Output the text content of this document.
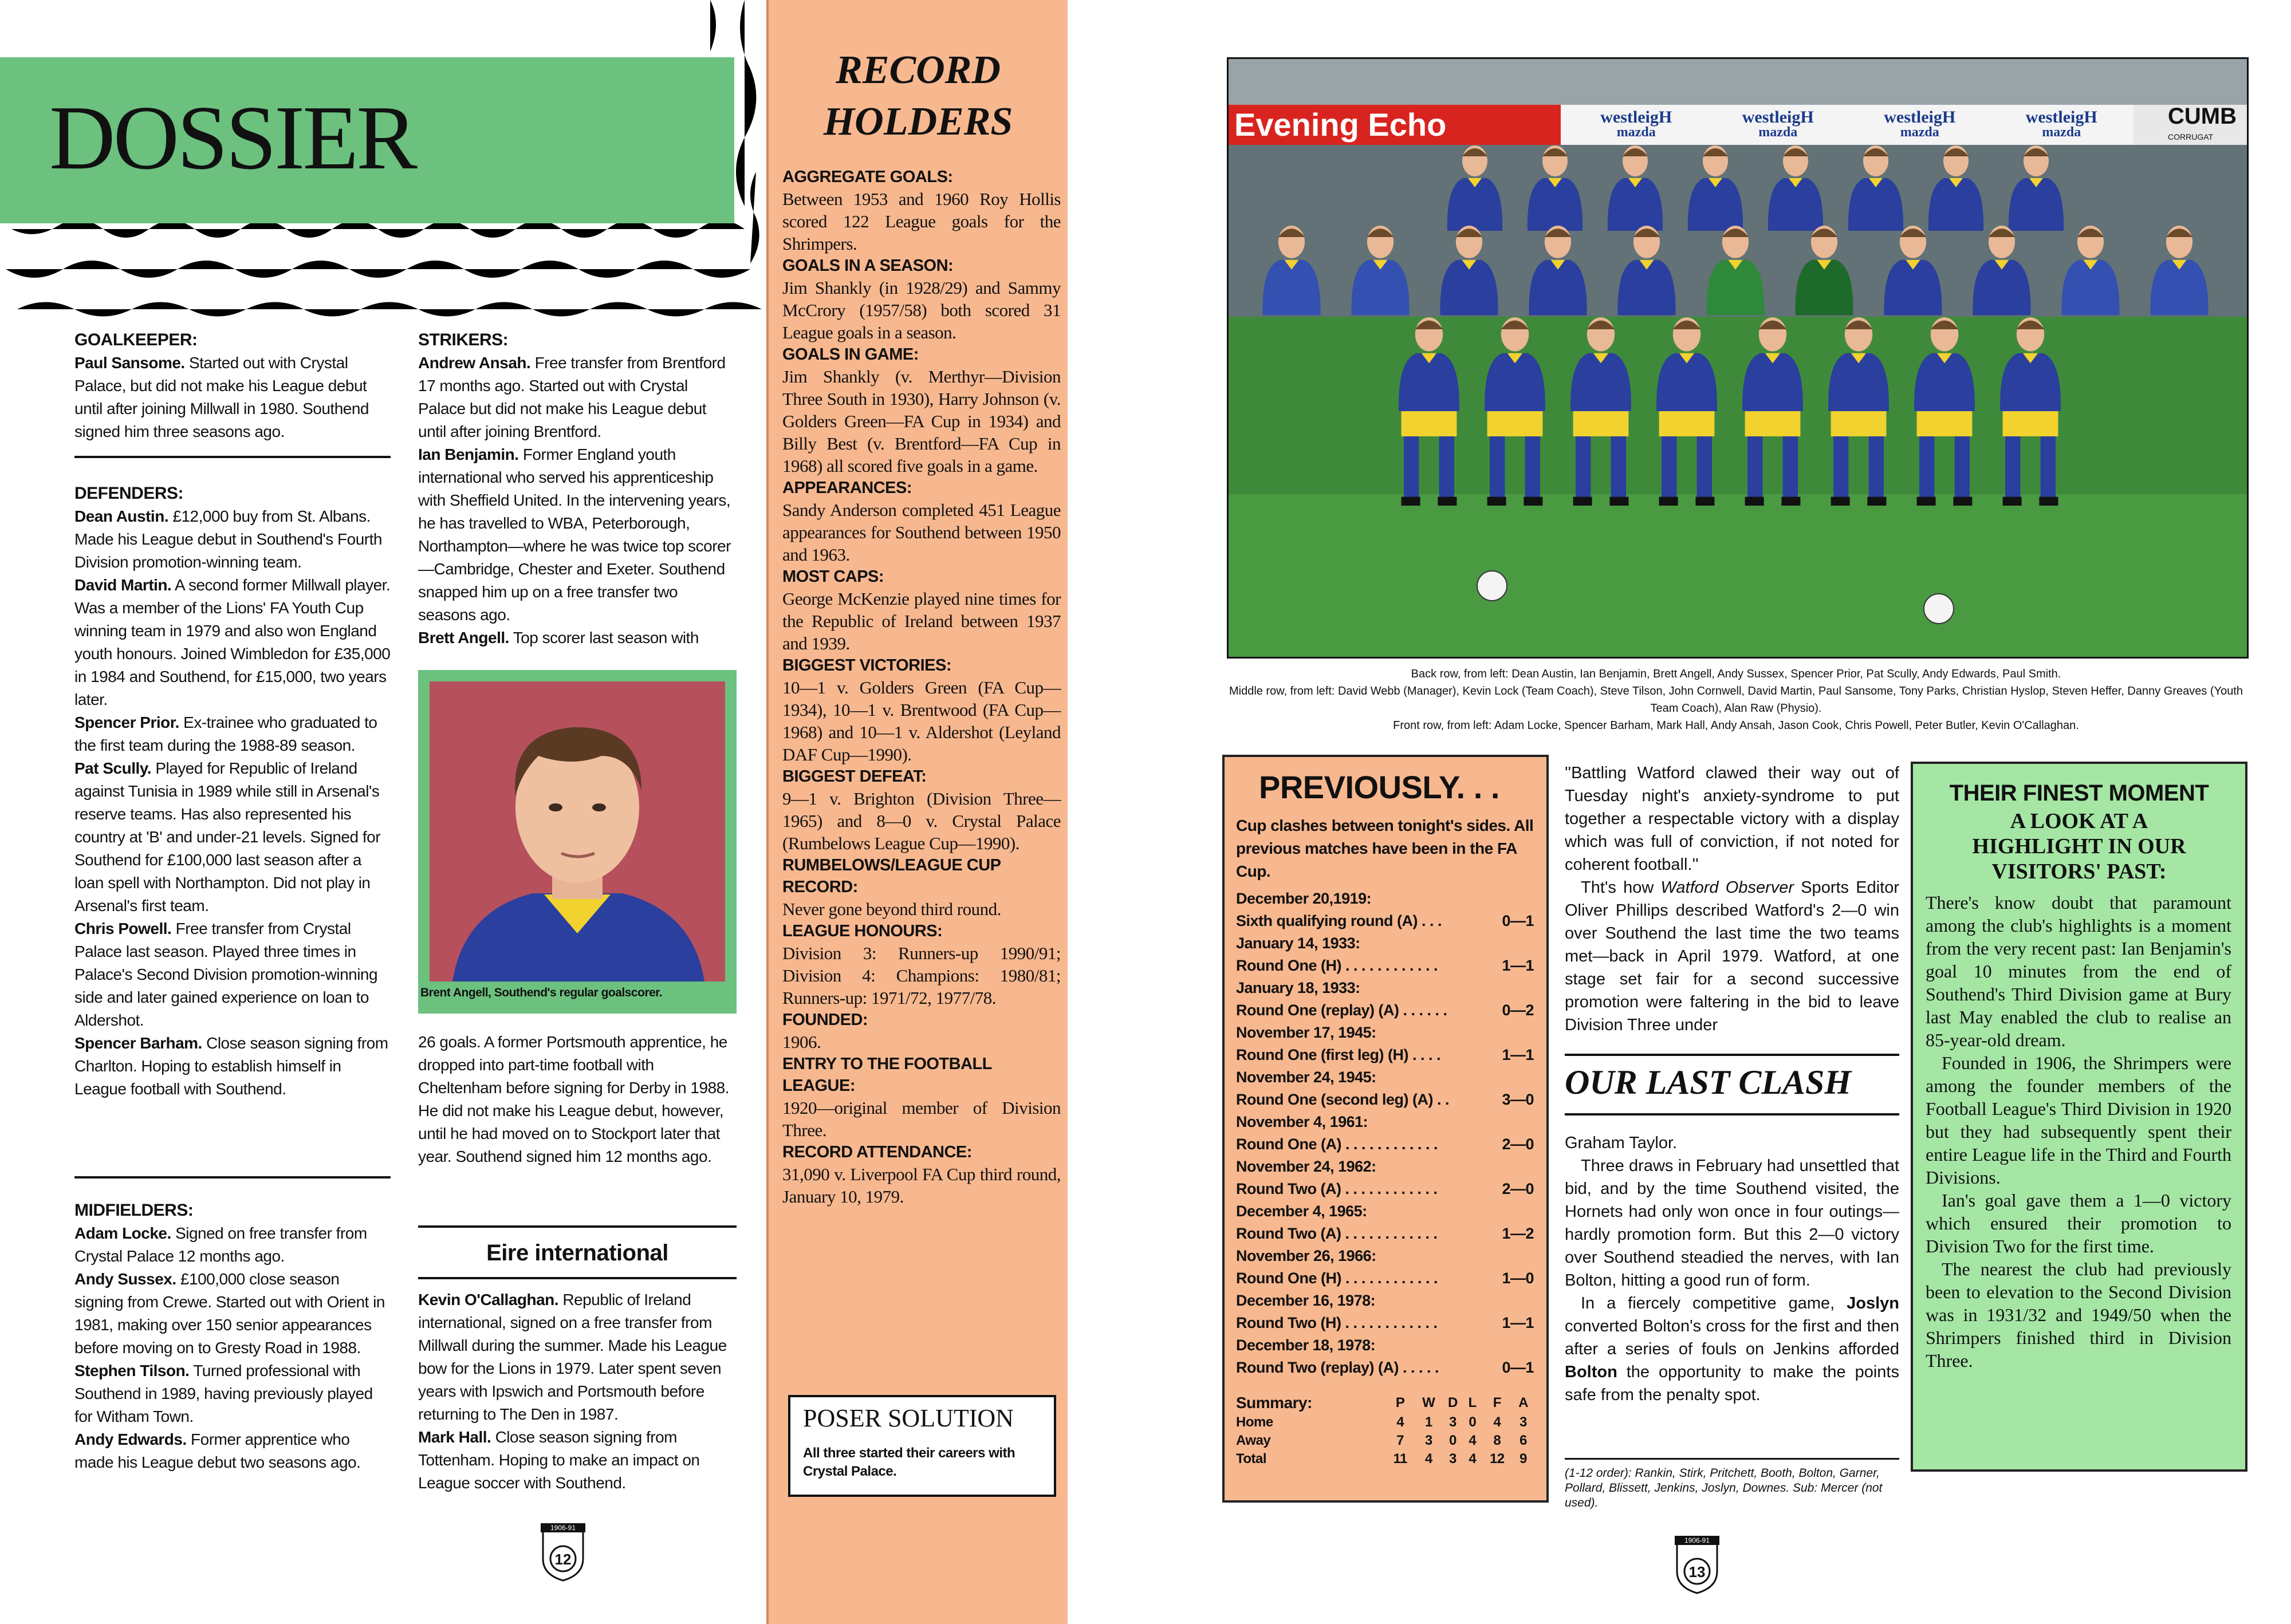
DOSSIER

GOALKEEPER:

Paul Sansome. Started out with Crystal Palace, but did not make his League debut until after joining Millwall in 1980. Southend signed him three seasons ago.

DEFENDERS:

Dean Austin. £12,000 buy from St. Albans. Made his League debut in Southend's Fourth Division promotion-winning team.

David Martin. A second former Millwall player. Was a member of the Lions' FA Youth Cup winning team in 1979 and also won England youth honours. Joined Wimbledon for £35,000 in 1984 and Southend, for £15,000, two years later.

Spencer Prior. Ex-trainee who graduated to the first team during the 1988-89 season.

Pat Scully. Played for Republic of Ireland against Tunisia in 1989 while still in Arsenal's reserve teams. Has also represented his country at 'B' and under-21 levels. Signed for Southend for £100,000 last season after a loan spell with Northampton. Did not play in Arsenal's first team.

Chris Powell. Free transfer from Crystal Palace last season. Played three times in Palace's Second Division promotion-winning side and later gained experience on loan to Aldershot.

Spencer Barham. Close season signing from Charlton. Hoping to establish himself in League football with Southend.

MIDFIELDERS:

Adam Locke. Signed on free transfer from Crystal Palace 12 months ago.

Andy Sussex. £100,000 close season signing from Crewe. Started out with Orient in 1981, making over 150 senior appearances before moving on to Gresty Road in 1988.

Stephen Tilson. Turned professional with Southend in 1989, having previously played for Witham Town.

Andy Edwards. Former apprentice who made his League debut two seasons ago.

STRIKERS:

Andrew Ansah. Free transfer from Brentford 17 months ago. Started out with Crystal Palace but did not make his League debut until after joining Brentford.

Ian Benjamin. Former England youth international who served his apprenticeship with Sheffield United. In the intervening years, he has travelled to WBA, Peterborough, Northampton—where he was twice top scorer—Cambridge, Chester and Exeter. Southend snapped him up on a free transfer two seasons ago.

Brett Angell. Top scorer last season with

Brent Angell, Southend's regular goalscorer.

26 goals. A former Portsmouth apprentice, he dropped into part-time football with Cheltenham before signing for Derby in 1988. He did not make his League debut, however, until he had moved on to Stockport later that year. Southend signed him 12 months ago.

Eire international

Kevin O'Callaghan. Republic of Ireland international, signed on a free transfer from Millwall during the summer. Made his League bow for the Lions in 1979. Later spent seven years with Ipswich and Portsmouth before returning to The Den in 1987.

Mark Hall. Close season signing from Tottenham. Hoping to make an impact on League soccer with Southend.

1906-91
12
RECORD
HOLDERS

AGGREGATE GOALS:

Between 1953 and 1960 Roy Hollis scored 122 League goals for the Shrimpers.

GOALS IN A SEASON:

Jim Shankly (in 1928/29) and Sammy McCrory (1957/58) both scored 31 League goals in a season.

GOALS IN GAME:

Jim Shankly (v. Merthyr—Division Three South in 1930), Harry Johnson (v. Golders Green—FA Cup in 1934) and Billy Best (v. Brentford—FA Cup in 1968) all scored five goals in a game.

APPEARANCES:

Sandy Anderson completed 451 League appearances for Southend between 1950 and 1963.

MOST CAPS:

George McKenzie played nine times for the Republic of Ireland between 1937 and 1939.

BIGGEST VICTORIES:

10—1 v. Golders Green (FA Cup—1934), 10—1 v. Brentwood (FA Cup—1968) and 10—1 v. Aldershot (Leyland DAF Cup—1990).

BIGGEST DEFEAT:

9—1 v. Brighton (Division Three—1965) and 8—0 v. Crystal Palace (Rumbelows League Cup—1990).

RUMBELOWS/LEAGUE CUP RECORD:

Never gone beyond third round.

LEAGUE HONOURS:

Division 3: Runners-up 1990/91; Division 4: Champions: 1980/81; Runners-up: 1971/72, 1977/78.

FOUNDED:

1906.

ENTRY TO THE FOOTBALL LEAGUE:

1920—original member of Division Three.

RECORD ATTENDANCE:

31,090 v. Liverpool FA Cup third round, January 10, 1979.

POSER SOLUTION
All three started their careers with Crystal Palace.
Evening Echo	westleigH
mazda
westleigH
mazda
westleigH
mazda
westleigH
mazda
CUMB
CORRUGAT
Back row, from left: Dean Austin, Ian Benjamin, Brett Angell, Andy Sussex, Spencer Prior, Pat Scully, Andy Edwards, Paul Smith.
Middle row, from left: David Webb (Manager), Kevin Lock (Team Coach), Steve Tilson, John Cornwell, David Martin, Paul Sansome, Tony Parks, Christian Hyslop, Steven Heffer, Danny Greaves (Youth Team Coach), Alan Raw (Physio).
Front row, from left: Adam Locke, Spencer Barham, Mark Hall, Andy Ansah, Jason Cook, Chris Powell, Peter Butler, Kevin O'Callaghan.
PREVIOUSLY. . .
Cup clashes between tonight's sides. All previous matches have been in the FA Cup.
December 20,1919:
Sixth qualifying round (A) . . .	0—1
January 14, 1933:
Round One (H) . . . . . . . . . . . .	1—1
January 18, 1933:
Round One (replay) (A) . . . . . .	0—2
November 17, 1945:
Round One (first leg) (H) . . . .	1—1
November 24, 1945:
Round One (second leg) (A) . .	3—0
November 4, 1961:
Round One (A) . . . . . . . . . . . .	2—0
November 24, 1962:
Round Two (A) . . . . . . . . . . . .	2—0
December 4, 1965:
Round Two (A) . . . . . . . . . . . .	1—2
November 26, 1966:
Round One (H) . . . . . . . . . . . .	1—0
December 16, 1978:
Round Two (H) . . . . . . . . . . . .	1—1
December 18, 1978:
Round Two (replay) (A) . . . . .	0—1
Summary:	P	W	D	L	F	A
Home	4	1	3	0	4	3
Away	7	3	0	4	8	6
Total	11	4	3	4	12	9

''Battling Watford clawed their way out of Tuesday night's anxiety-syndrome to put together a respectable victory with a display which was full of conviction, if not noted for coherent football.''

Tht's how Watford Observer Sports Editor Oliver Phillips described Watford's 2—0 win over Southend the last time the two teams met—back in April 1979. Watford, at one stage set fair for a second successive promotion were faltering in the bid to leave Division Three under

OUR LAST CLASH

Graham Taylor.

Three draws in February had unsettled that bid, and by the time Southend visited, the Hornets had only won once in four outings—hardly promotion form. But this 2—0 victory over Southend steadied the nerves, with Ian Bolton, hitting a good run of form.

In a fiercely competitive game, Joslyn converted Bolton's cross for the first and then after a series of fouls on Jenkins afforded Bolton the opportunity to make the points safe from the penalty spot.

(1-12 order): Rankin, Stirk, Pritchett, Booth, Bolton, Garner, Pollard, Blissett, Jenkins, Joslyn, Downes. Sub: Mercer (not used).
THEIR FINEST MOMENT
A LOOK AT A HIGHLIGHT IN OUR VISITORS' PAST:

There's know doubt that paramount among the club's highlights is a moment from the very recent past: Ian Benjamin's goal 10 minutes from the end of Southend's Third Division game at Bury last May enabled the club to realise an 85-year-old dream.

Founded in 1906, the Shrimpers were among the founder members of the Football League's Third Division in 1920 but they had subsequently spent their entire League life in the Third and Fourth Divisions.

Ian's goal gave them a 1—0 victory which ensured their promotion to Division Two for the first time.

The nearest the club had previously been to elevation to the Second Division was in 1931/32 and 1949/50 when the Shrimpers finished third in Division Three.

1906-91
13
